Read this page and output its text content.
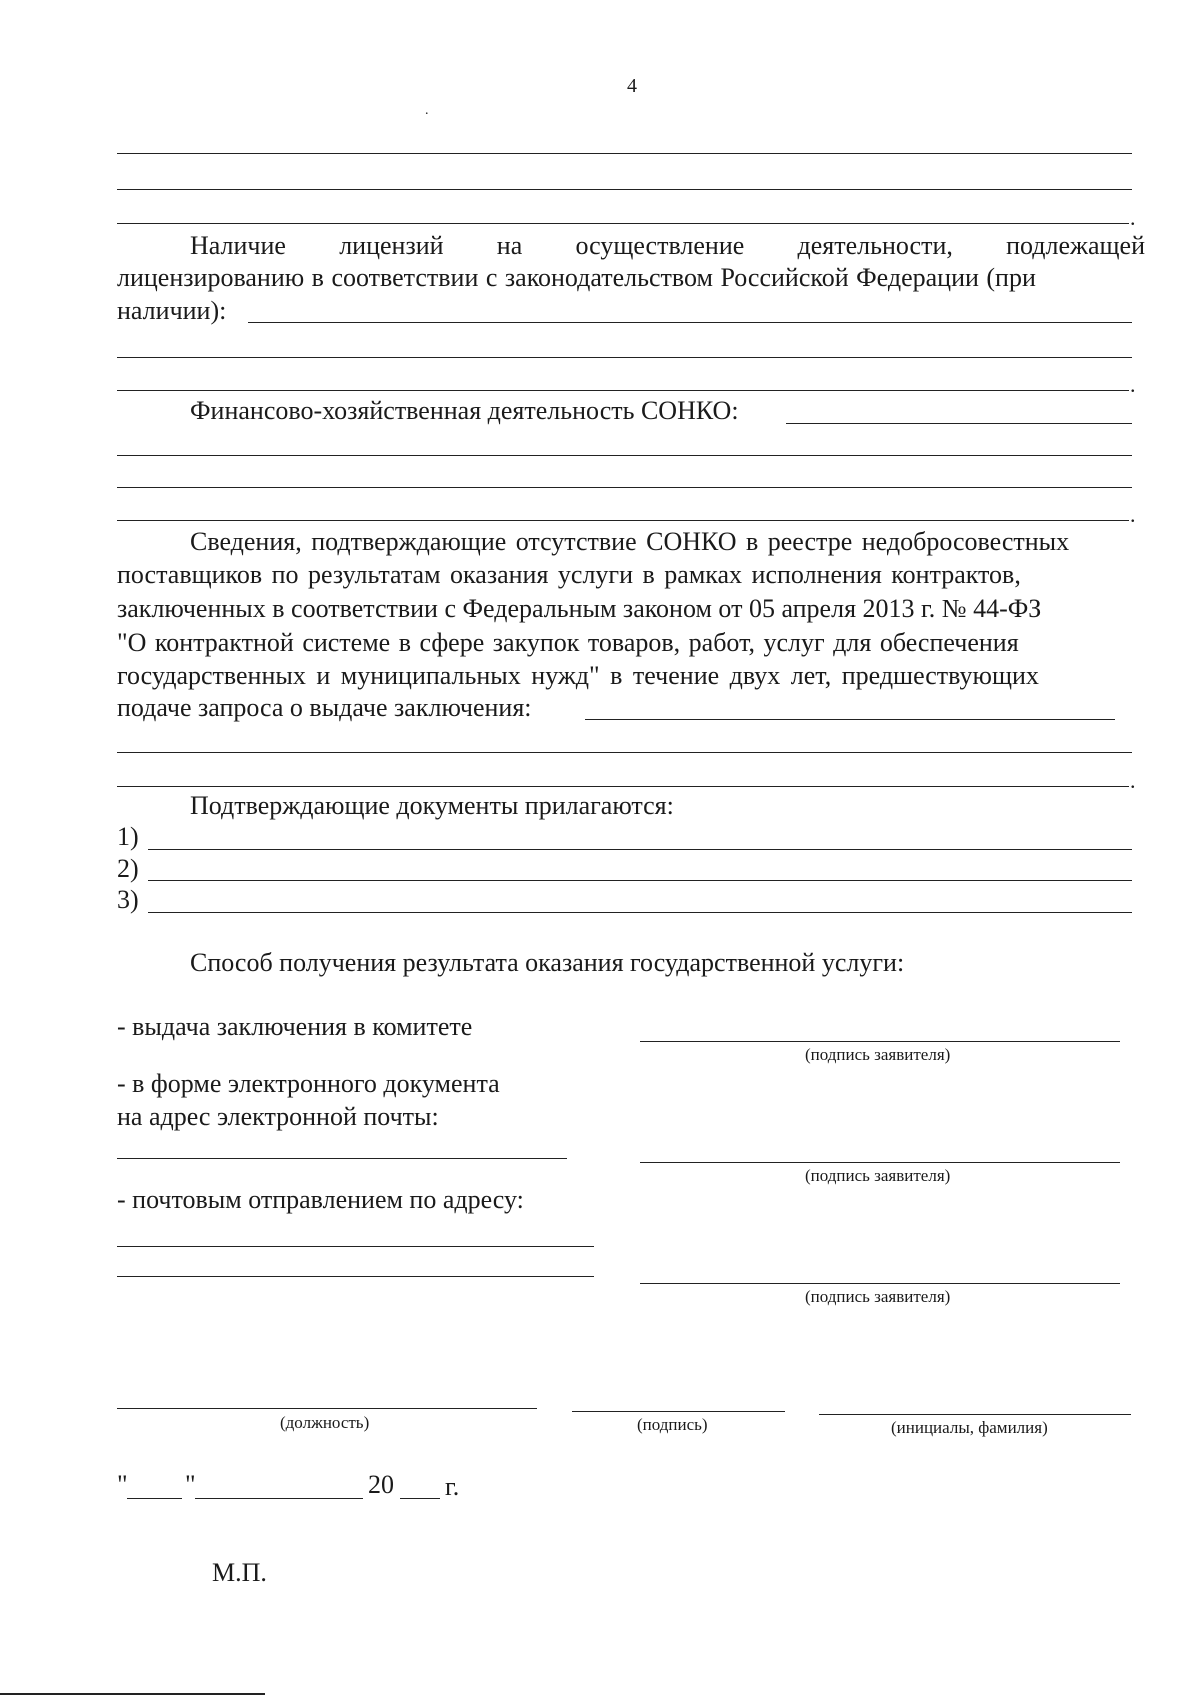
4
.
.
Наличие лицензий на осуществление деятельности, подлежащей
лицензированию в соответствии с законодательством Российской Федерации (при
наличии):
.
Финансово-хозяйственная деятельность СОНКО:
.
Сведения, подтверждающие отсутствие СОНКО в реестре недобросовестных
поставщиков по результатам оказания услуги в рамках исполнения контрактов,
заключенных в соответствии с Федеральным законом от 05 апреля 2013 г. № 44-ФЗ
"О контрактной системе в сфере закупок товаров, работ, услуг для обеспечения
государственных и муниципальных нужд" в течение двух лет, предшествующих
подаче запроса о выдаче заключения:
.
Подтверждающие документы прилагаются:
1)
2)
3)
Способ получения результата оказания государственной услуги:
- выдача заключения в комитете
(подпись заявителя)
- в форме электронного документа
на адрес электронной почты:
(подпись заявителя)
- почтовым отправлением по адресу:
(подпись заявителя)
(должность)	(подпись)	(инициалы, фамилия)
" "	20 г.
М.П.
